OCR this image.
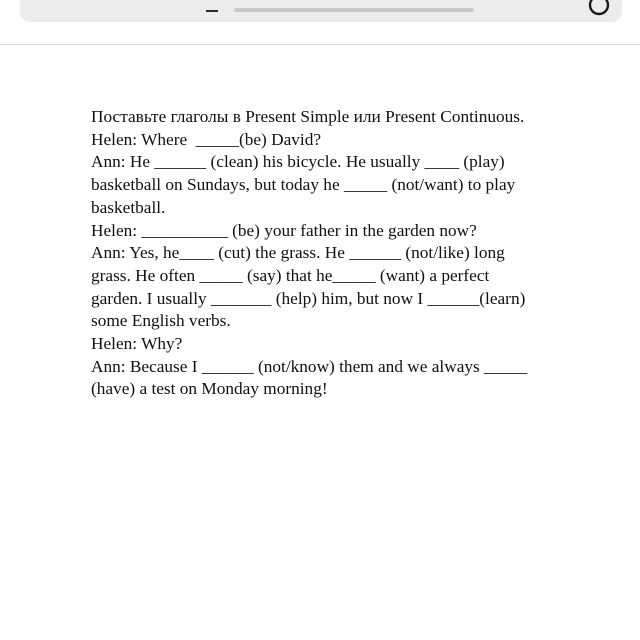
Поставьте глаголы в Present Simple или Present Continuous.
Helen: Where  _____(be) David?
Ann: He ______ (clean) his bicycle. He usually ____ (play)
basketball on Sundays, but today he _____ (not/want) to play
basketball.
Helen: __________ (be) your father in the garden now?
Ann: Yes, he____ (cut) the grass. He ______ (not/like) long
grass. He often _____ (say) that he_____ (want) a perfect
garden. I usually _______ (help) him, but now I ______(learn)
some English verbs.
Helen: Why?
Ann: Because I ______ (not/know) them and we always _____
(have) a test on Monday morning!
